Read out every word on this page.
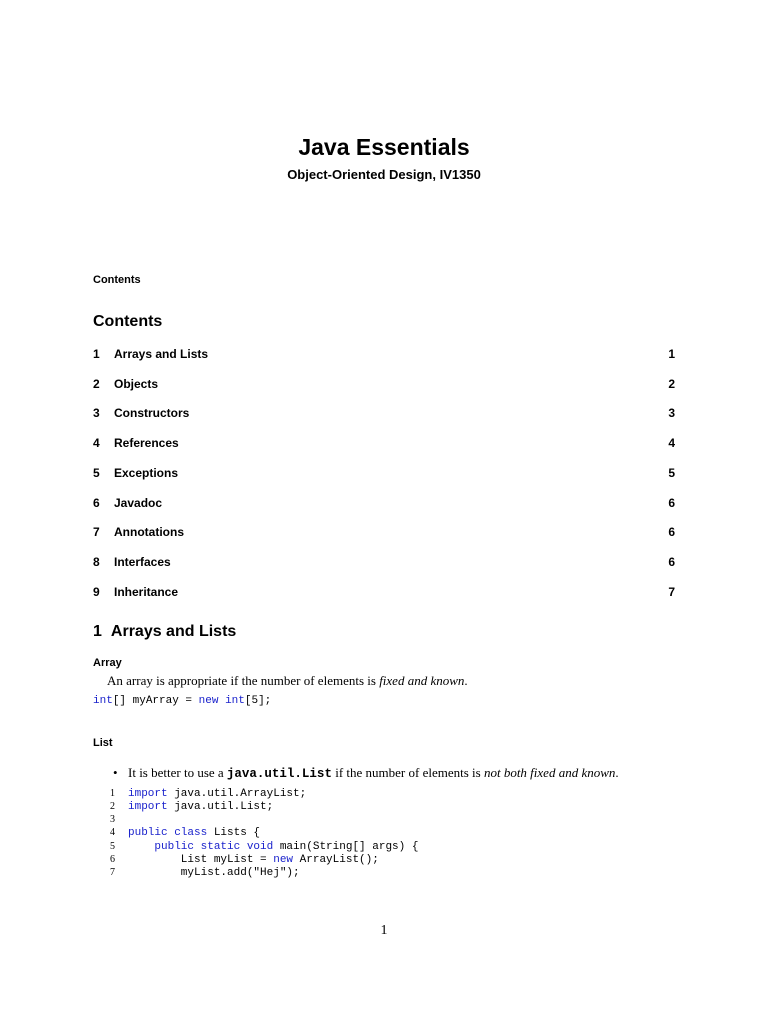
Java Essentials
Object-Oriented Design, IV1350
Contents
Contents
1 Arrays and Lists	1
2 Objects	2
3 Constructors	3
4 References	4
5 Exceptions	5
6 Javadoc	6
7 Annotations	6
8 Interfaces	6
9 Inheritance	7
1 Arrays and Lists
Array
An array is appropriate if the number of elements is fixed and known.
int[] myArray = new int[5];
List
• It is better to use a java.util.List if the number of elements is not both fixed and known.
1 import java.util.ArrayList;
2 import java.util.List;
3
4 public class Lists {
5	public static void main(String[] args) {
6 List myList = new ArrayList();
7 myList.add("Hej");
1
